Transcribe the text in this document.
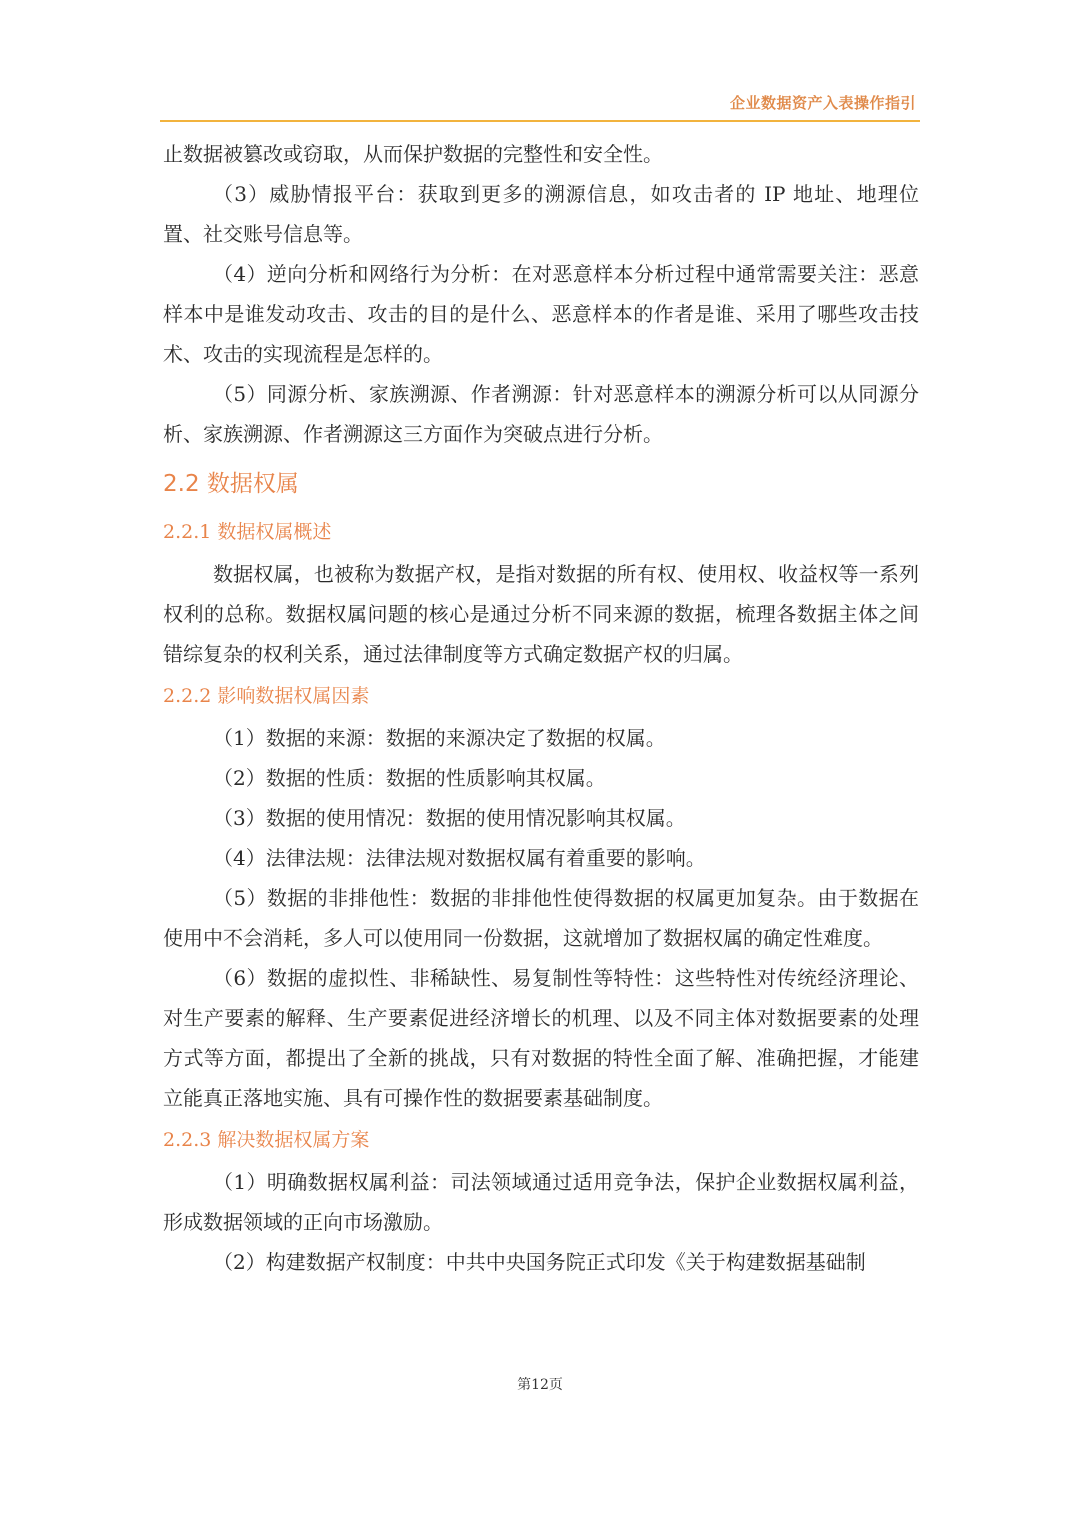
企业数据资产入表操作指引

止数据被篡改或窃取，从而保护数据的完整性和安全性。

（3）威胁情报平台：获取到更多的溯源信息，如攻击者的 IP 地址、地理位置、社交账号信息等。

（4）逆向分析和网络行为分析：在对恶意样本分析过程中通常需要关注：恶意样本中是谁发动攻击、攻击的目的是什么、恶意样本的作者是谁、采用了哪些攻击技术、攻击的实现流程是怎样的。

（5）同源分析、家族溯源、作者溯源：针对恶意样本的溯源分析可以从同源分析、家族溯源、作者溯源这三方面作为突破点进行分析。

2.2 数据权属
2.2.1 数据权属概述

数据权属，也被称为数据产权，是指对数据的所有权、使用权、收益权等一系列权利的总称。数据权属问题的核心是通过分析不同来源的数据，梳理各数据主体之间错综复杂的权利关系，通过法律制度等方式确定数据产权的归属。

2.2.2 影响数据权属因素

（1）数据的来源：数据的来源决定了数据的权属。

（2）数据的性质：数据的性质影响其权属。

（3）数据的使用情况：数据的使用情况影响其权属。

（4）法律法规：法律法规对数据权属有着重要的影响。

（5）数据的非排他性：数据的非排他性使得数据的权属更加复杂。由于数据在使用中不会消耗，多人可以使用同一份数据，这就增加了数据权属的确定性难度。

（6）数据的虚拟性、非稀缺性、易复制性等特性：这些特性对传统经济理论、对生产要素的解释、生产要素促进经济增长的机理、以及不同主体对数据要素的处理方式等方面，都提出了全新的挑战，只有对数据的特性全面了解、准确把握，才能建立能真正落地实施、具有可操作性的数据要素基础制度。

2.2.3 解决数据权属方案

（1）明确数据权属利益：司法领域通过适用竞争法，保护企业数据权属利益，形成数据领域的正向市场激励。

（2）构建数据产权制度：中共中央国务院正式印发《关于构建数据基础制

第12页
